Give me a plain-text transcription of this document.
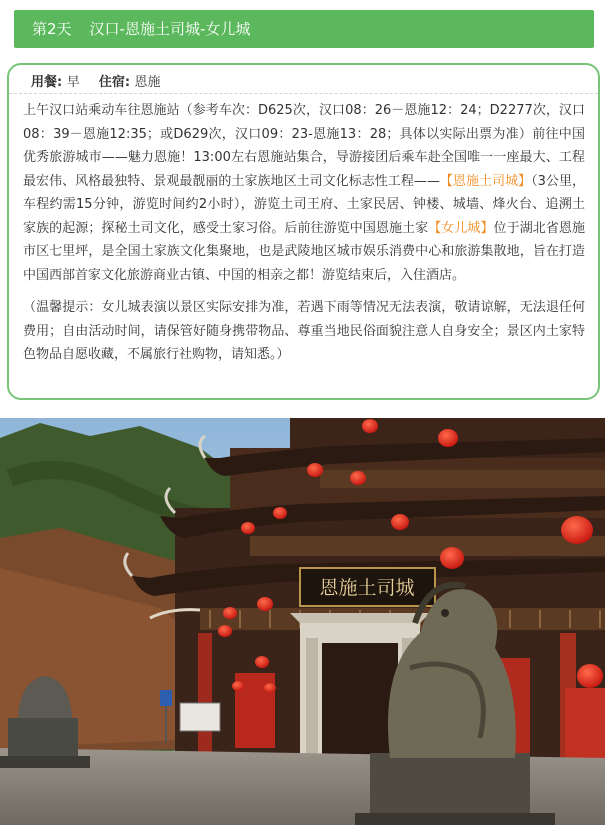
第2天 汉口-恩施土司城-女儿城
用餐: 早 住宿: 恩施

上午汉口站乘动车往恩施站（参考车次：D625次，汉口08：26－恩施12：24；D2277次，汉口08：39－恩施12:35；或D629次，汉口09：23-恩施13：28；具体以实际出票为准）前往中国优秀旅游城市——魅力恩施！13:00左右恩施站集合，导游接团后乘车赴全国唯一一座最大、工程最宏伟、风格最独特、景观最靓丽的土家族地区土司文化标志性工程——【恩施土司城】（3公里，车程约需15分钟，游览时间约2小时），游览土司王府、土家民居、钟楼、城墙、烽火台、追溯土家族的起源；探秘土司文化，感受土家习俗。后前往游览中国恩施土家【女儿城】位于湖北省恩施市区七里坪，是全国土家族文化集聚地，也是武陵地区城市娱乐消费中心和旅游集散地，旨在打造中国西部首家文化旅游商业古镇、中国的相亲之都！游览结束后，入住酒店。

（温馨提示：女儿城表演以景区实际安排为准，若遇下雨等情况无法表演，敬请谅解，无法退任何费用；自由活动时间，请保管好随身携带物品、尊重当地民俗面貌注意人自身安全；景区内土家特色物品自愿收藏，不属旅行社购物，请知悉。）

恩施土司城
